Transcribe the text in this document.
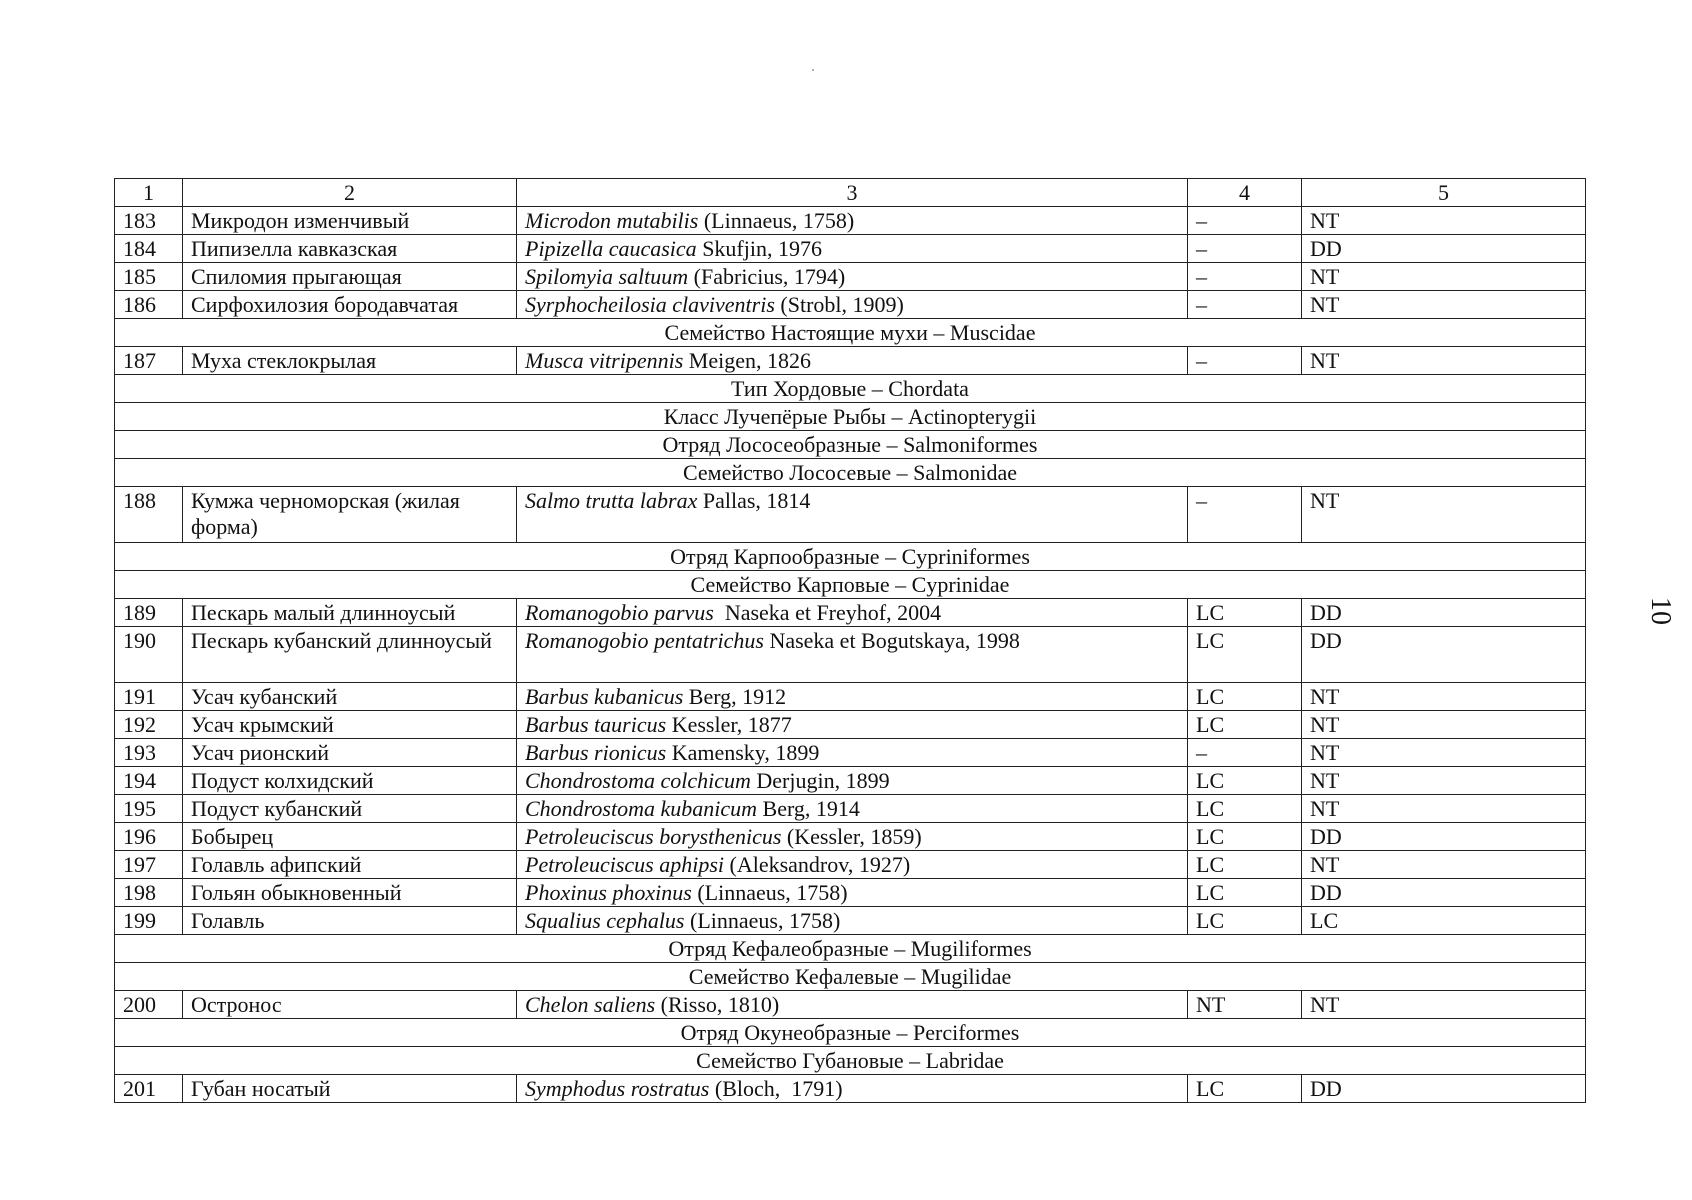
1	2	3	4	5
183	Микродон изменчивый	Microdon mutabilis (Linnaeus, 1758)	–	NT
184	Пипизелла кавказская	Pipizella caucasica Skufjin, 1976	–	DD
185	Спиломия прыгающая	Spilomyia saltuum (Fabricius, 1794)	–	NT
186	Сирфохилозия бородавчатая	Syrphocheilosia claviventris (Strobl, 1909)	–	NT
Семейство Настоящие мухи – Muscidae				
187	Муха стеклокрылая	Musca vitripennis Meigen, 1826	–	NT
Тип Хордовые – Chordata				
Класс Лучепёрые Рыбы – Actinopterygii				
Отряд Лососеобразные – Salmoniformes				
Семейство Лососевые – Salmonidae				
188	Кумжа черноморская (жилая форма)	Salmo trutta labrax Pallas, 1814	–	NT
Отряд Карпообразные – Cypriniformes				
Семейство Карповые – Cyprinidae				
189	Пескарь малый длинноусый	Romanogobio parvus  Naseka et Freyhof, 2004	LC	DD
190	Пескарь кубанский длинноусый	Romanogobio pentatrichus Naseka et Bogutskaya, 1998	LC	DD
191	Усач кубанский	Barbus kubanicus Berg, 1912	LC	NT
192	Усач крымский	Barbus tauricus Kessler, 1877	LC	NT
193	Усач рионский	Barbus rionicus Kamensky, 1899	–	NT
194	Подуст колхидский	Chondrostoma colchicum Derjugin, 1899	LC	NT
195	Подуст кубанский	Chondrostoma kubanicum Berg, 1914	LC	NT
196	Бобырец	Petroleuciscus borysthenicus (Kessler, 1859)	LC	DD
197	Голавль афипский	Petroleuciscus aphipsi (Aleksandrov, 1927)	LC	NT
198	Гольян обыкновенный	Phoxinus phoxinus (Linnaeus, 1758)	LC	DD
199	Голавль	Squalius cephalus (Linnaeus, 1758)	LC	LC
Отряд Кефалеобразные – Mugiliformes				
Семейство Кефалевые – Mugilidae				
200	Остронос	Chelon saliens (Risso, 1810)	NT	NT
Отряд Окунеобразные – Perciformes				
Семейство Губановые – Labridae				
201	Губан носатый	Symphodus rostratus (Bloch,  1791)	LC	DD
10
